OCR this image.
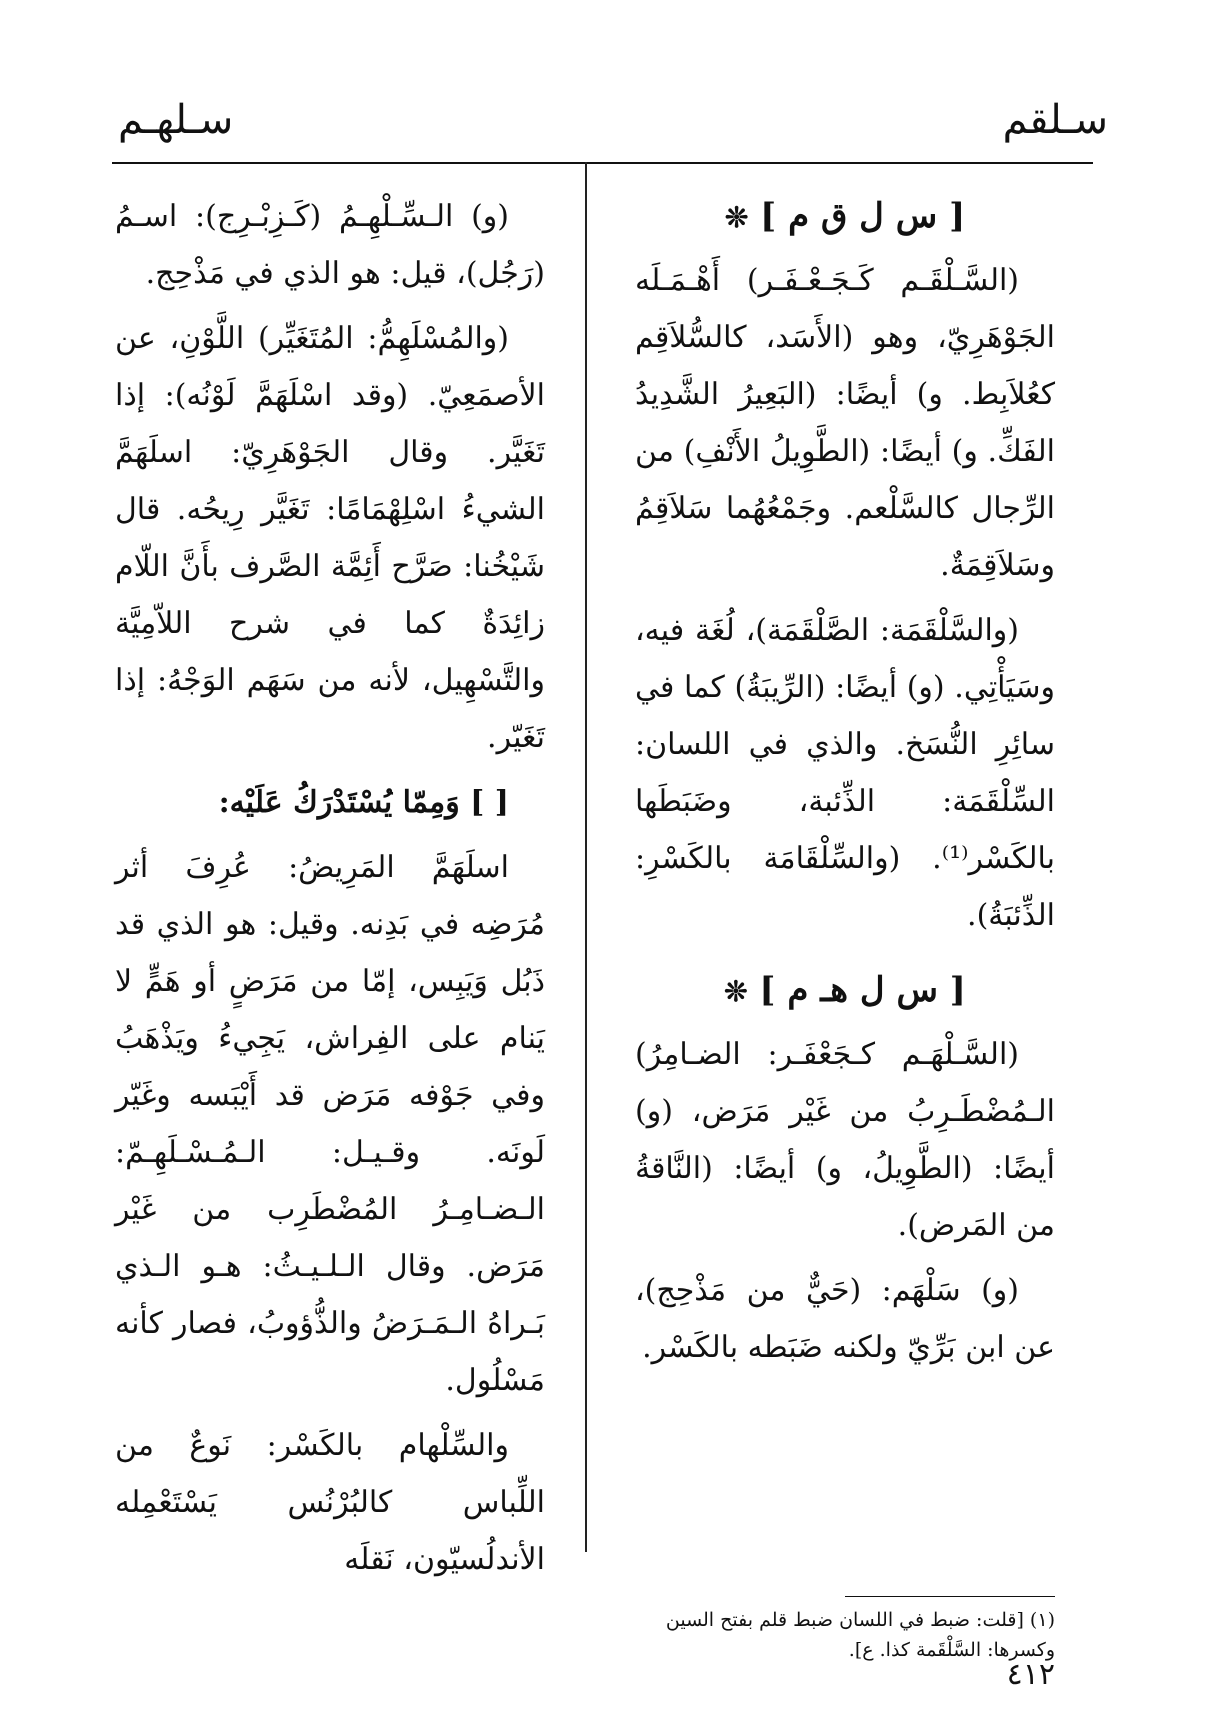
سـلقم
سـلهـم
[ س ل ق م ] ❊

(السَّـلْقَـم كَـجَـعْـفَـر) أَهْـمَـلَه الجَوْهَرِيّ، وهو (الأَسَد، كالسُّلاَقِم كعُلاَبِط. و) أيضًا: (البَعِيرُ الشَّدِيدُ الفَكِّ. و) أيضًا: (الطَّوِيلُ الأَنْفِ) من الرِّجال كالسَّلْعم. وجَمْعُهُما سَلاَقِمُ وسَلاَقِمَةٌ.

(والسَّلْقَمَة: الصَّلْقَمَة)، لُغَة فيه، وسَيَأْتِي. (و) أيضًا: (الرِّيبَةُ) كما في سائِرِ النُّسَخ. والذي في اللسان: السِّلْقَمَة: الذِّئبة، وضَبَطَها بالكَسْر⁽¹⁾. (والسِّلْقَامَة بالكَسْرِ: الذِّئبَةُ).

[ س ل هـ م ] ❊

(السَّـلْهَـم كـجَعْفَـر: الضـامِرُ) الـمُضْطَـرِبُ من غَيْر مَرَض، (و) أيضًا: (الطَّوِيلُ، و) أيضًا: (النَّاقةُ من المَرض).

(و) سَلْهَم: (حَيٌّ من مَذْحِج)، عن ابن بَرِّيّ ولكنه ضَبَطه بالكَسْر.

(و) الـسِّـلْهِـمُ (كَـزِبْـرِج): اسـمُ (رَجُل)، قيل: هو الذي في مَذْحِج.

(والمُسْلَهِمُّ: المُتَغَيِّر) اللَّوْنِ، عن الأصمَعِيّ. (وقد اسْلَهَمَّ لَوْنُه): إذا تَغَيَّر. وقال الجَوْهَرِيّ: اسلَهَمَّ الشيءُ اسْلِهْمَامًا: تَغَيَّر رِيحُه. قال شَيْخُنا: صَرَّح أَئِمَّة الصَّرف بأَنَّ اللّام زائِدَةٌ كما في شرح اللاّمِيَّة والتَّسْهِيل، لأنه من سَهَم الوَجْهُ: إذا تَغَيّر.

[ ] وَمِمّا يُسْتَدْرَكُ عَلَيْه:

اسلَهَمَّ المَرِيضُ: عُرِفَ أثر مُرَضِه في بَدِنه. وقيل: هو الذي قد ذَبُل وَيَبِس، إمّا من مَرَضٍ أو هَمٍّ لا يَنام على الفِراش، يَجِيءُ ويَذْهَبُ وفي جَوْفه مَرَض قد أَيْبَسه وغَيّر لَونَه. وقـيـل: الـمُـسْـلَهِـمّ: الـضـامِـرُ المُضْطَرِب من غَيْر مَرَض. وقال الـلـيـثُ: هـو الـذي بَـراهُ الـمَـرَضُ والذُّؤوبُ، فصار كأنه مَسْلُول.

والسِّلْهام بالكَسْر: نَوعٌ من اللِّباس كالبُرْنُس يَسْتَعْمِله الأندلُسيّون، نَقلَه

(١) [قلت: ضبط في اللسان ضبط قلم بفتح السين وكسرها: السَّلْقَمة كذا. ع].
٤١٢
